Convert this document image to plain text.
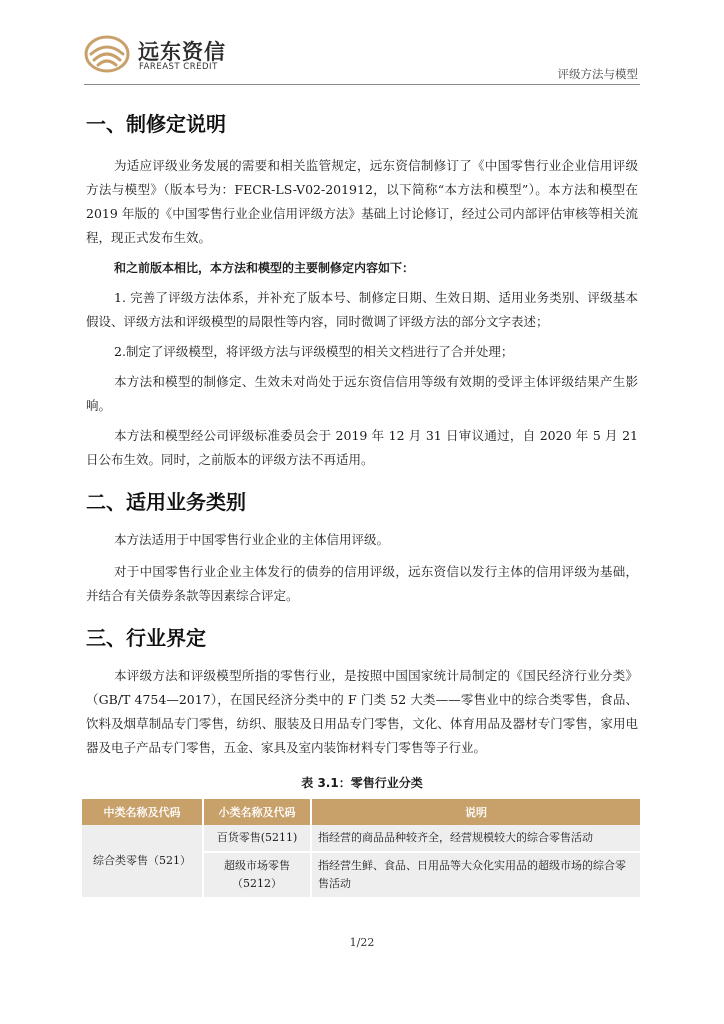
远东资信
FAREAST CREDIT	评级方法与模型
一、制修定说明

为适应评级业务发展的需要和相关监管规定，远东资信制修订了《中国零售行业企业信用评级方法与模型》（版本号为：FECR-LS-V02-201912，以下简称“本方法和模型”）。本方法和模型在2019 年版的《中国零售行业企业信用评级方法》基础上讨论修订，经过公司内部评估审核等相关流程，现正式发布生效。

和之前版本相比，本方法和模型的主要制修定内容如下：

1. 完善了评级方法体系，并补充了版本号、制修定日期、生效日期、适用业务类别、评级基本假设、评级方法和评级模型的局限性等内容，同时微调了评级方法的部分文字表述；

2.制定了评级模型，将评级方法与评级模型的相关文档进行了合并处理；

本方法和模型的制修定、生效未对尚处于远东资信信用等级有效期的受评主体评级结果产生影响。

本方法和模型经公司评级标准委员会于 2019 年 12 月 31 日审议通过，自 2020 年 5 月 21 日公布生效。同时，之前版本的评级方法不再适用。

二、适用业务类别

本方法适用于中国零售行业企业的主体信用评级。

对于中国零售行业企业主体发行的债券的信用评级，远东资信以发行主体的信用评级为基础，并结合有关债券条款等因素综合评定。

三、行业界定

本评级方法和评级模型所指的零售行业，是按照中国国家统计局制定的《国民经济行业分类》（GB/T 4754—2017），在国民经济分类中的 F 门类 52 大类——零售业中的综合类零售，食品、饮料及烟草制品专门零售，纺织、服装及日用品专门零售，文化、体育用品及器材专门零售，家用电器及电子产品专门零售，五金、家具及室内装饰材料专门零售等子行业。

表 3.1：零售行业分类
中类名称及代码	小类名称及代码	说明
综合类零售（521）	百货零售(5211)	指经营的商品品种较齐全，经营规模较大的综合零售活动
	超级市场零售（5212）	指经营生鲜、食品、日用品等大众化实用品的超级市场的综合零售活动
1/22
